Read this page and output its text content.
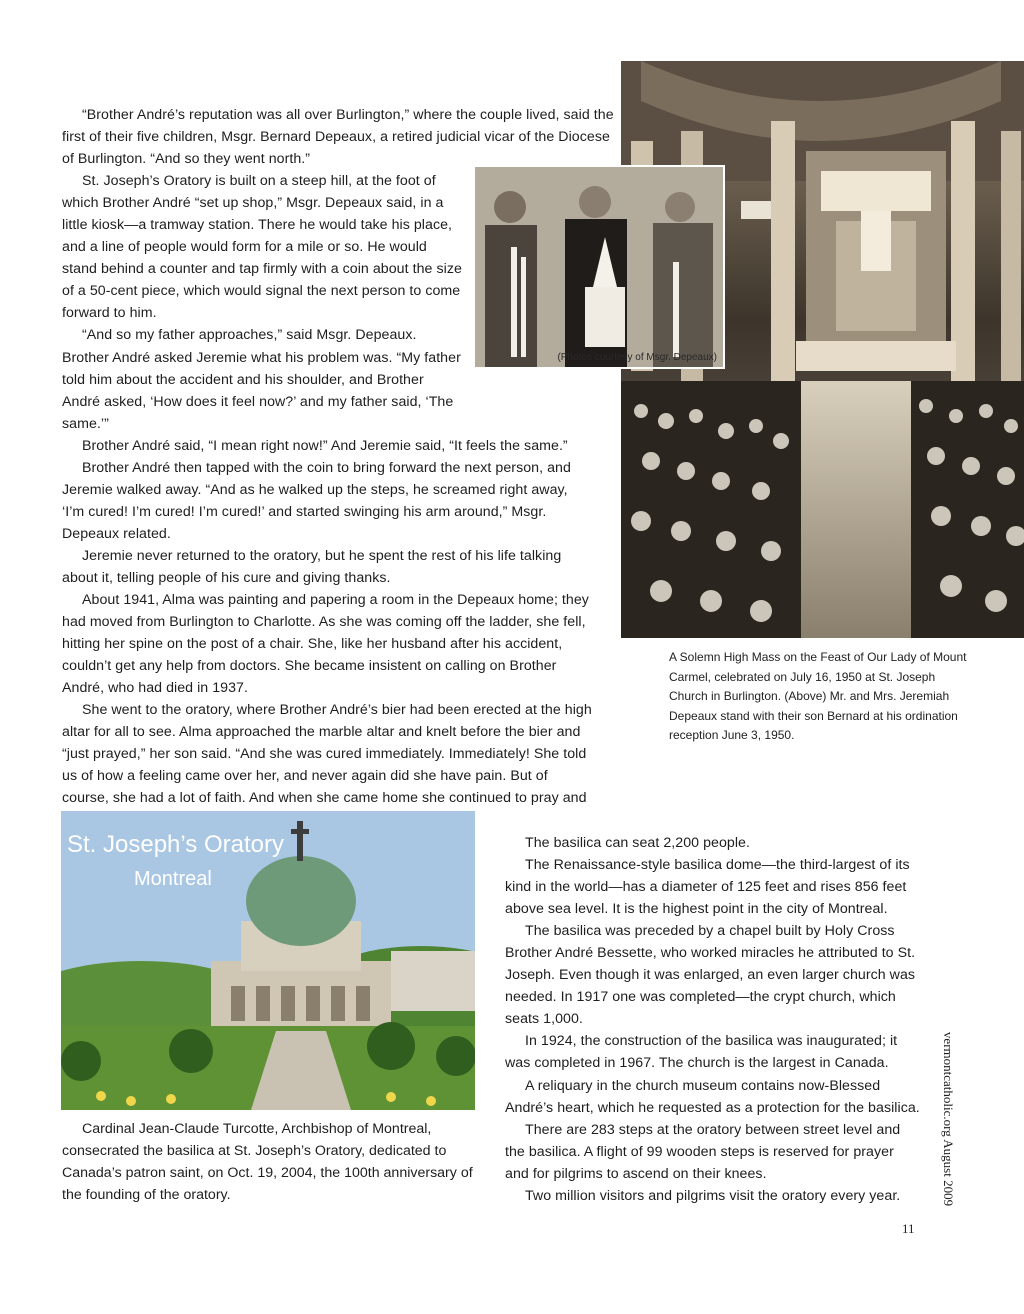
(Photos courtesy of Msgr. Depeaux)

“Brother André’s reputation was all over Burlington,” where the couple lived, said the first of their five children, Msgr. Bernard Depeaux, a retired judicial vicar of the Diocese of Burlington. “And so they went north.”

St. Joseph’s Oratory is built on a steep hill, at the foot of which Brother André “set up shop,” Msgr. Depeaux said, in a little kiosk—a tramway station. There he would take his place, and a line of people would form for a mile or so. He would stand behind a counter and tap firmly with a coin about the size of a 50-cent piece, which would signal the next person to come forward to him.

“And so my father approaches,” said Msgr. Depeaux. Brother André asked Jeremie what his problem was. “My father told him about the accident and his shoulder, and Brother André asked, ‘How does it feel now?’ and my father said, ‘The same.’”

Brother André said, “I mean right now!” And Jeremie said, “It feels the same.”

Brother André then tapped with the coin to bring forward the next person, and Jeremie walked away. “And as he walked up the steps, he screamed right away, ‘I’m cured! I’m cured! I’m cured!’ and started swinging his arm around,” Msgr. Depeaux related.

Jeremie never returned to the oratory, but he spent the rest of his life talking about it, telling people of his cure and giving thanks.

About 1941, Alma was painting and papering a room in the Depeaux home; they had moved from Burlington to Charlotte. As she was coming off the ladder, she fell, hitting her spine on the post of a chair. She, like her husband after his accident, couldn’t get any help from doctors. She became insistent on calling on Brother André, who had died in 1937.

She went to the oratory, where Brother André’s bier had been erected at the high altar for all to see. Alma approached the marble altar and knelt before the bier and “just prayed,” her son said. “And she was cured immediately. Immediately! She told us of how a feeling came over her, and never again did she have pain. But of course, she had a lot of faith. And when she came home she continued to pray and

A Solemn High Mass on the Feast of Our Lady of Mount Carmel, celebrated on July 16, 1950 at St. Joseph Church in Burlington. (Above) Mr. and Mrs. Jeremiah Depeaux stand with their son Bernard at his ordination reception June 3, 1950.
St. Joseph’s Oratory
Montreal
Cardinal Jean-Claude Turcotte, Archbishop of Montreal, consecrated the basilica at St. Joseph’s Oratory, dedicated to Canada’s patron saint, on Oct. 19, 2004, the 100th anniversary of the founding of the oratory.

The basilica can seat 2,200 people.

The Renaissance-style basilica dome—the third-largest of its kind in the world—has a diameter of 125 feet and rises 856 feet above sea level. It is the highest point in the city of Montreal.

The basilica was preceded by a chapel built by Holy Cross Brother André Bessette, who worked miracles he attributed to St. Joseph. Even though it was enlarged, an even larger church was needed. In 1917 one was completed—the crypt church, which seats 1,000.

In 1924, the construction of the basilica was inaugurated; it was completed in 1967. The church is the largest in Canada.

A reliquary in the church museum contains now-Blessed André’s heart, which he requested as a protection for the basilica.

There are 283 steps at the oratory between street level and the basilica. A flight of 99 wooden steps is reserved for prayer and for pilgrims to ascend on their knees.

Two million visitors and pilgrims visit the oratory every year.	vermontcatholic.org August 2009
11
